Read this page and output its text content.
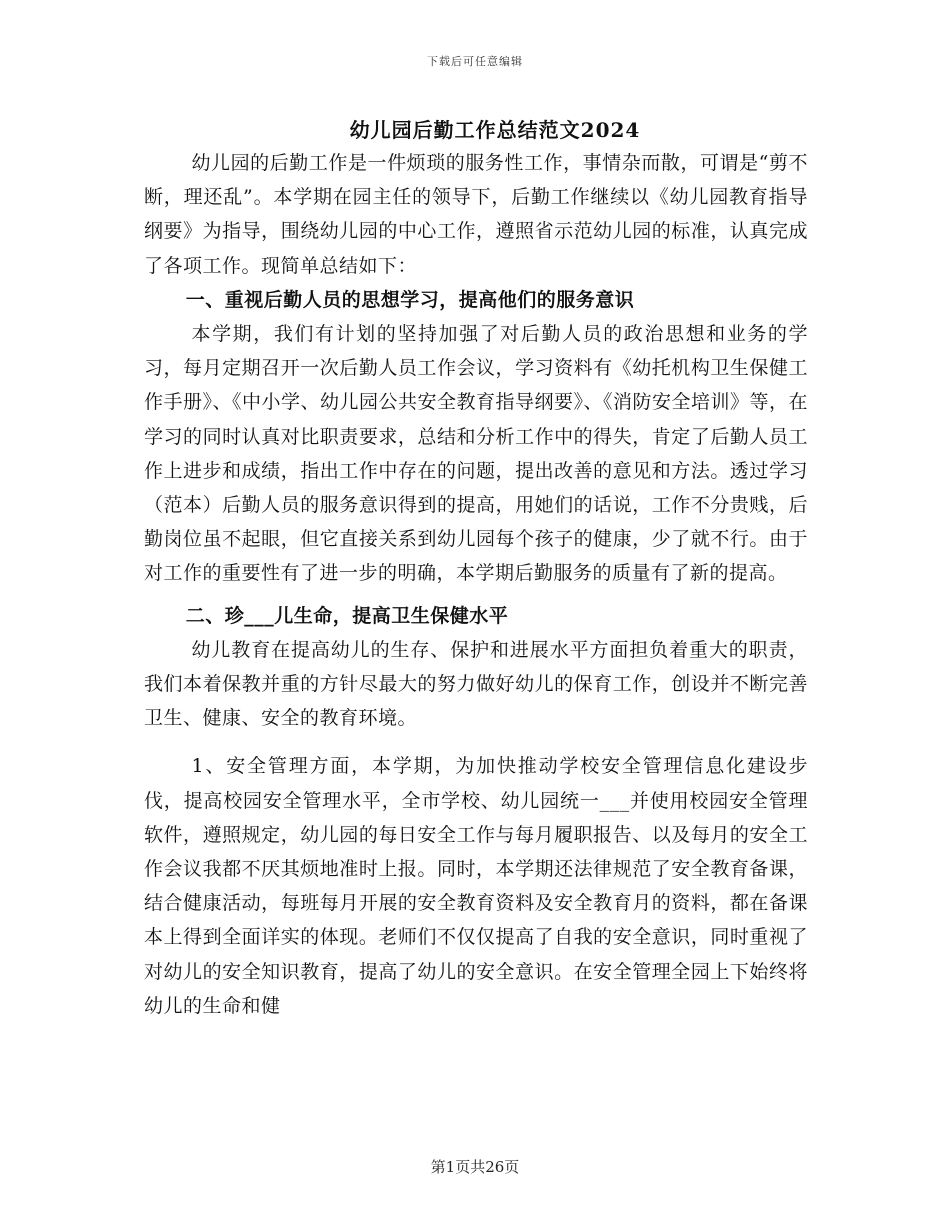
下载后可任意编辑
幼儿园后勤工作总结范文2024

幼儿园的后勤工作是一件烦琐的服务性工作，事情杂而散，可谓是“剪不断，理还乱”。本学期在园主任的领导下，后勤工作继续以《幼儿园教育指导纲要》为指导，围绕幼儿园的中心工作，遵照省示范幼儿园的标准，认真完成了各项工作。现简单总结如下：

一、重视后勤人员的思想学习，提高他们的服务意识

本学期，我们有计划的坚持加强了对后勤人员的政治思想和业务的学习，每月定期召开一次后勤人员工作会议，学习资料有《幼托机构卫生保健工作手册》、《中小学、幼儿园公共安全教育指导纲要》、《消防安全培训》等，在学习的同时认真对比职责要求，总结和分析工作中的得失，肯定了后勤人员工作上进步和成绩，指出工作中存在的问题，提出改善的意见和方法。透过学习（范本）后勤人员的服务意识得到的提高，用她们的话说，工作不分贵贱，后勤岗位虽不起眼，但它直接关系到幼儿园每个孩子的健康，少了就不行。由于对工作的重要性有了进一步的明确，本学期后勤服务的质量有了新的提高。

二、珍___儿生命，提高卫生保健水平

幼儿教育在提高幼儿的生存、保护和进展水平方面担负着重大的职责，我们本着保教并重的方针尽最大的努力做好幼儿的保育工作，创设并不断完善卫生、健康、安全的教育环境。

1、安全管理方面，本学期，为加快推动学校安全管理信息化建设步伐，提高校园安全管理水平，全市学校、幼儿园统一___并使用校园安全管理软件，遵照规定，幼儿园的每日安全工作与每月履职报告、以及每月的安全工作会议我都不厌其烦地准时上报。同时，本学期还法律规范了安全教育备课，结合健康活动，每班每月开展的安全教育资料及安全教育月的资料，都在备课本上得到全面详实的体现。老师们不仅仅提高了自我的安全意识，同时重视了对幼儿的安全知识教育，提高了幼儿的安全意识。在安全管理全园上下始终将幼儿的生命和健

第1页共26页
